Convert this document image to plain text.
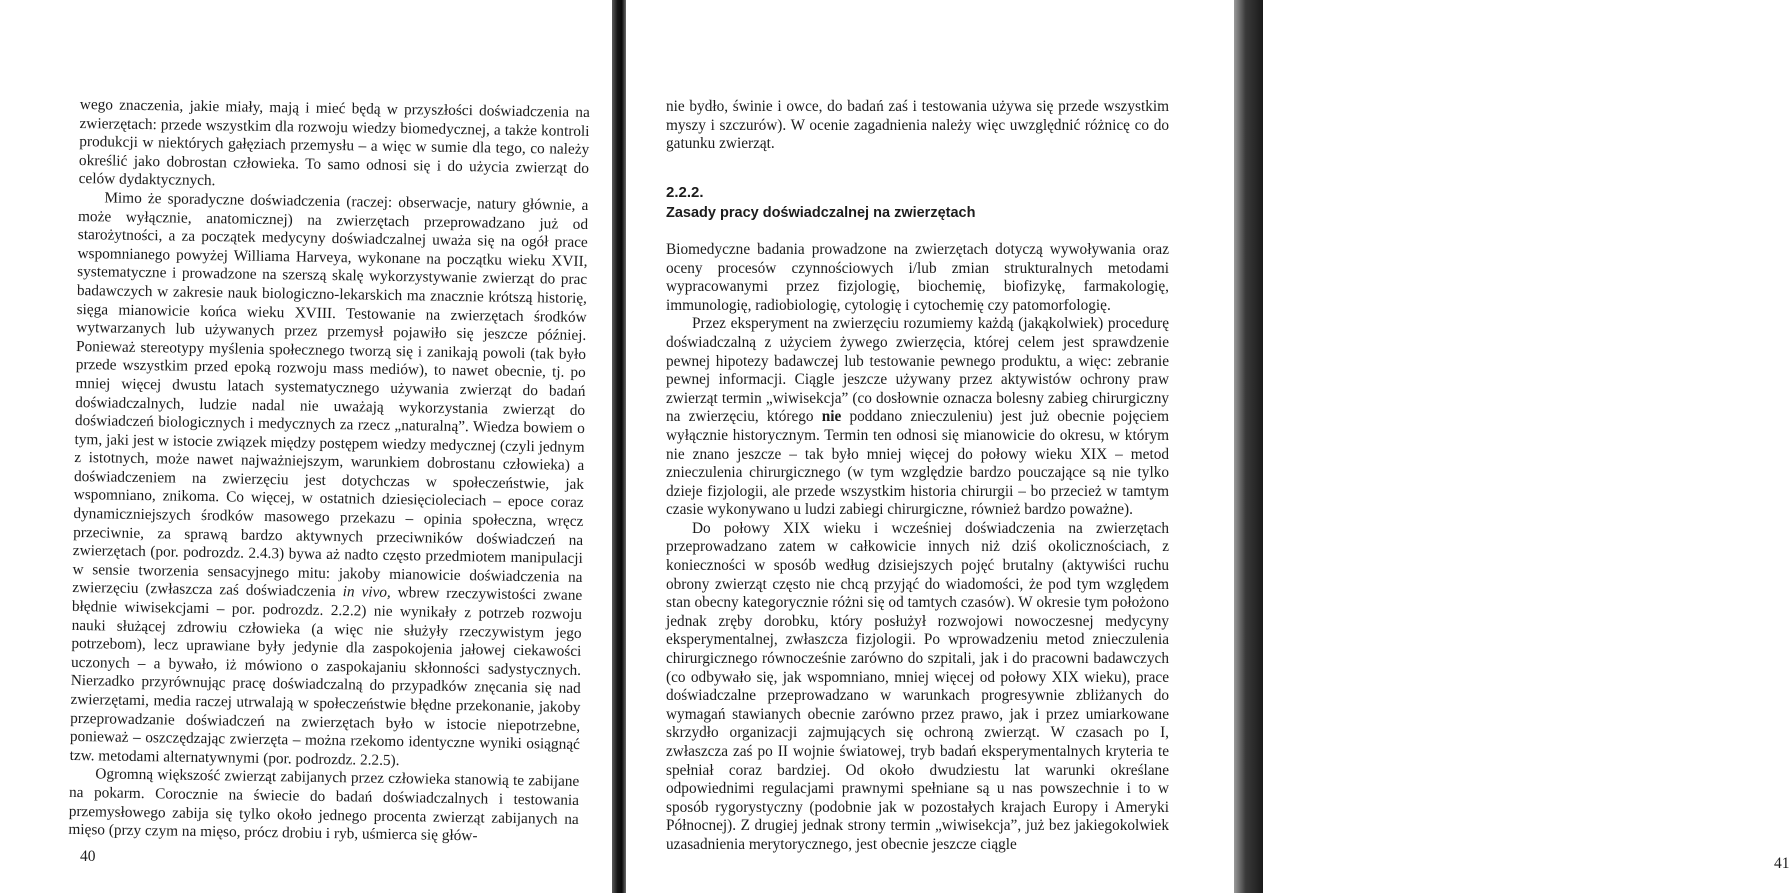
wego znaczenia, jakie miały, mają i mieć będą w przyszłości doświadczenia na zwierzętach: przede wszystkim dla rozwoju wiedzy biomedycznej, a także kontroli produkcji w niektórych gałęziach przemysłu – a więc w sumie dla tego, co należy określić jako dobrostan człowieka. To samo odnosi się i do użycia zwierząt do celów dydaktycznych.

Mimo że sporadyczne doświadczenia (raczej: obserwacje, natury głównie, a może wyłącznie, anatomicznej) na zwierzętach przeprowadzano już od starożytności, a za początek medycyny doświadczalnej uważa się na ogół prace wspomnianego powyżej Williama Harveya, wykonane na początku wieku XVII, systematyczne i prowadzone na szerszą skalę wykorzystywanie zwierząt do prac badawczych w zakresie nauk biologiczno-lekarskich ma znacznie krótszą historię, sięga mianowicie końca wieku XVIII. Testowanie na zwierzętach środków wytwarzanych lub używanych przez przemysł pojawiło się jeszcze później. Ponieważ stereotypy myślenia społecznego tworzą się i zanikają powoli (tak było przede wszystkim przed epoką rozwoju mass mediów), to nawet obecnie, tj. po mniej więcej dwustu latach systematycznego używania zwierząt do badań doświadczalnych, ludzie nadal nie uważają wykorzystania zwierząt do doświadczeń biologicznych i medycznych za rzecz „naturalną”. Wiedza bowiem o tym, jaki jest w istocie związek między postępem wiedzy medycznej (czyli jednym z istotnych, może nawet najważniejszym, warunkiem dobrostanu człowieka) a doświadczeniem na zwierzęciu jest dotychczas w społeczeństwie, jak wspomniano, znikoma. Co więcej, w ostatnich dziesięcioleciach – epoce coraz dynamiczniejszych środków masowego przekazu – opinia społeczna, wręcz przeciwnie, za sprawą bardzo aktywnych przeciwników doświadczeń na zwierzętach (por. podrozdz. 2.4.3) bywa aż nadto często przedmiotem manipulacji w sensie tworzenia sensacyjnego mitu: jakoby mianowicie doświadczenia na zwierzęciu (zwłaszcza zaś doświadczenia in vivo, wbrew rzeczywistości zwane błędnie wiwisekcjami – por. podrozdz. 2.2.2) nie wynikały z potrzeb rozwoju nauki służącej zdrowiu człowieka (a więc nie służyły rzeczywistym jego potrzebom), lecz uprawiane były jedynie dla zaspokojenia jałowej ciekawości uczonych – a bywało, iż mówiono o zaspokajaniu skłonności sadystycznych. Nierzadko przyrównując pracę doświadczalną do przypadków znęcania się nad zwierzętami, media raczej utrwalają w społeczeństwie błędne przekonanie, jakoby przeprowadzanie doświadczeń na zwierzętach było w istocie niepotrzebne, ponieważ – oszczędzając zwierzęta – można rzekomo identyczne wyniki osiągnąć tzw. metodami alternatywnymi (por. podrozdz. 2.2.5).

Ogromną większość zwierząt zabijanych przez człowieka stanowią te zabijane na pokarm. Corocznie na świecie do badań doświadczalnych i testowania przemysłowego zabija się tylko około jednego procenta zwierząt zabijanych na mięso (przy czym na mięso, prócz drobiu i ryb, uśmierca się głów-

40	41

nie bydło, świnie i owce, do badań zaś i testowania używa się przede wszystkim myszy i szczurów). W ocenie zagadnienia należy więc uwzględnić różnicę co do gatunku zwierząt.

2.2.2.
Zasady pracy doświadczalnej na zwierzętach

Biomedyczne badania prowadzone na zwierzętach dotyczą wywoływania oraz oceny procesów czynnościowych i/lub zmian strukturalnych metodami wypracowanymi przez fizjologię, biochemię, biofizykę, farmakologię, immunologię, radiobiologię, cytologię i cytochemię czy patomorfologię.

Przez eksperyment na zwierzęciu rozumiemy każdą (jakąkolwiek) procedurę doświadczalną z użyciem żywego zwierzęcia, której celem jest sprawdzenie pewnej hipotezy badawczej lub testowanie pewnego produktu, a więc: zebranie pewnej informacji. Ciągle jeszcze używany przez aktywistów ochrony praw zwierząt termin „wiwisekcja” (co dosłownie oznacza bolesny zabieg chirurgiczny na zwierzęciu, którego nie poddano znieczuleniu) jest już obecnie pojęciem wyłącznie historycznym. Termin ten odnosi się mianowicie do okresu, w którym nie znano jeszcze – tak było mniej więcej do połowy wieku XIX – metod znieczulenia chirurgicznego (w tym względzie bardzo pouczające są nie tylko dzieje fizjologii, ale przede wszystkim historia chirurgii – bo przecież w tamtym czasie wykonywano u ludzi zabiegi chirurgiczne, również bardzo poważne).

Do połowy XIX wieku i wcześniej doświadczenia na zwierzętach przeprowadzano zatem w całkowicie innych niż dziś okolicznościach, z konieczności w sposób według dzisiejszych pojęć brutalny (aktywiści ruchu obrony zwierząt często nie chcą przyjąć do wiadomości, że pod tym względem stan obecny kategorycznie różni się od tamtych czasów). W okresie tym położono jednak zręby dorobku, który posłużył rozwojowi nowoczesnej medycyny eksperymentalnej, zwłaszcza fizjologii. Po wprowadzeniu metod znieczulenia chirurgicznego równocześnie zarówno do szpitali, jak i do pracowni badawczych (co odbywało się, jak wspomniano, mniej więcej od połowy XIX wieku), prace doświadczalne przeprowadzano w warunkach progresywnie zbliżanych do wymagań stawianych obecnie zarówno przez prawo, jak i przez umiarkowane skrzydło organizacji zajmujących się ochroną zwierząt. W czasach po I, zwłaszcza zaś po II wojnie światowej, tryb badań eksperymentalnych kryteria te spełniał coraz bardziej. Od około dwudziestu lat warunki określane odpowiednimi regulacjami prawnymi spełniane są u nas powszechnie i to w sposób rygorystyczny (podobnie jak w pozostałych krajach Europy i Ameryki Północnej). Z drugiej jednak strony termin „wiwisekcja”, już bez jakiegokolwiek uzasadnienia merytorycznego, jest obecnie jeszcze ciągle
